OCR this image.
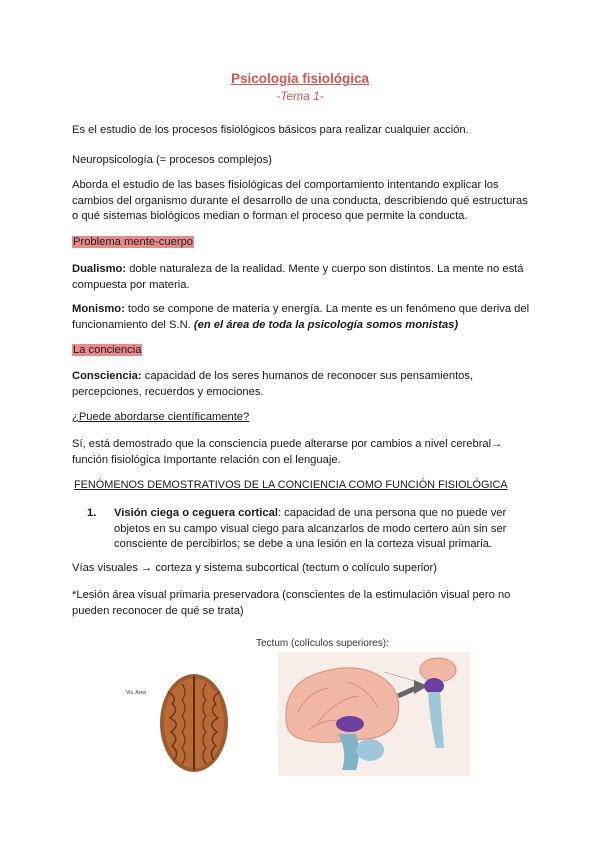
Psicología fisiológica
-Tema 1-
Es el estudio de los procesos fisiológicos básicos para realizar cualquier acción.
Neuropsicología (= procesos complejos)
Aborda el estudio de las bases fisiológicas del comportamiento intentando explicar los cambios del organismo durante el desarrollo de una conducta, describiendo qué estructuras o qué sistemas biológicos median o forman el proceso que permite la conducta.
Problema mente-cuerpo
Dualismo: doble naturaleza de la realidad. Mente y cuerpo son distintos. La mente no está compuesta por materia.
Monismo: todo se compone de materia y energía. La mente es un fenómeno que deriva del funcionamiento del S.N. (en el área de toda la psicología somos monistas)
La conciencia
Consciencia: capacidad de los seres humanos de reconocer sus pensamientos, percepciones, recuerdos y emociones.
¿Puede abordarse científicamente?
Sí, está demostrado que la consciencia puede alterarse por cambios a nivel cerebral→ función fisiológica Importante relación con el lenguaje.
FENÓMENOS DEMOSTRATIVOS DE LA CONCIENCIA COMO FUNCIÓN FISIOLÓGICA
1. Visión ciega o ceguera cortical: capacidad de una persona que no puede ver objetos en su campo visual ciego para alcanzarlos de modo certero aún sin ser consciente de percibirlos; se debe a una lesión en la corteza visual primaria.
Vías visuales → corteza y sistema subcortical (tectum o colículo superior)
*Lesión área visual primaria preservadora (conscientes de la estimulación visual pero no pueden reconocer de qué se trata)
Tectum (colículos superiores):
Vis. Area
